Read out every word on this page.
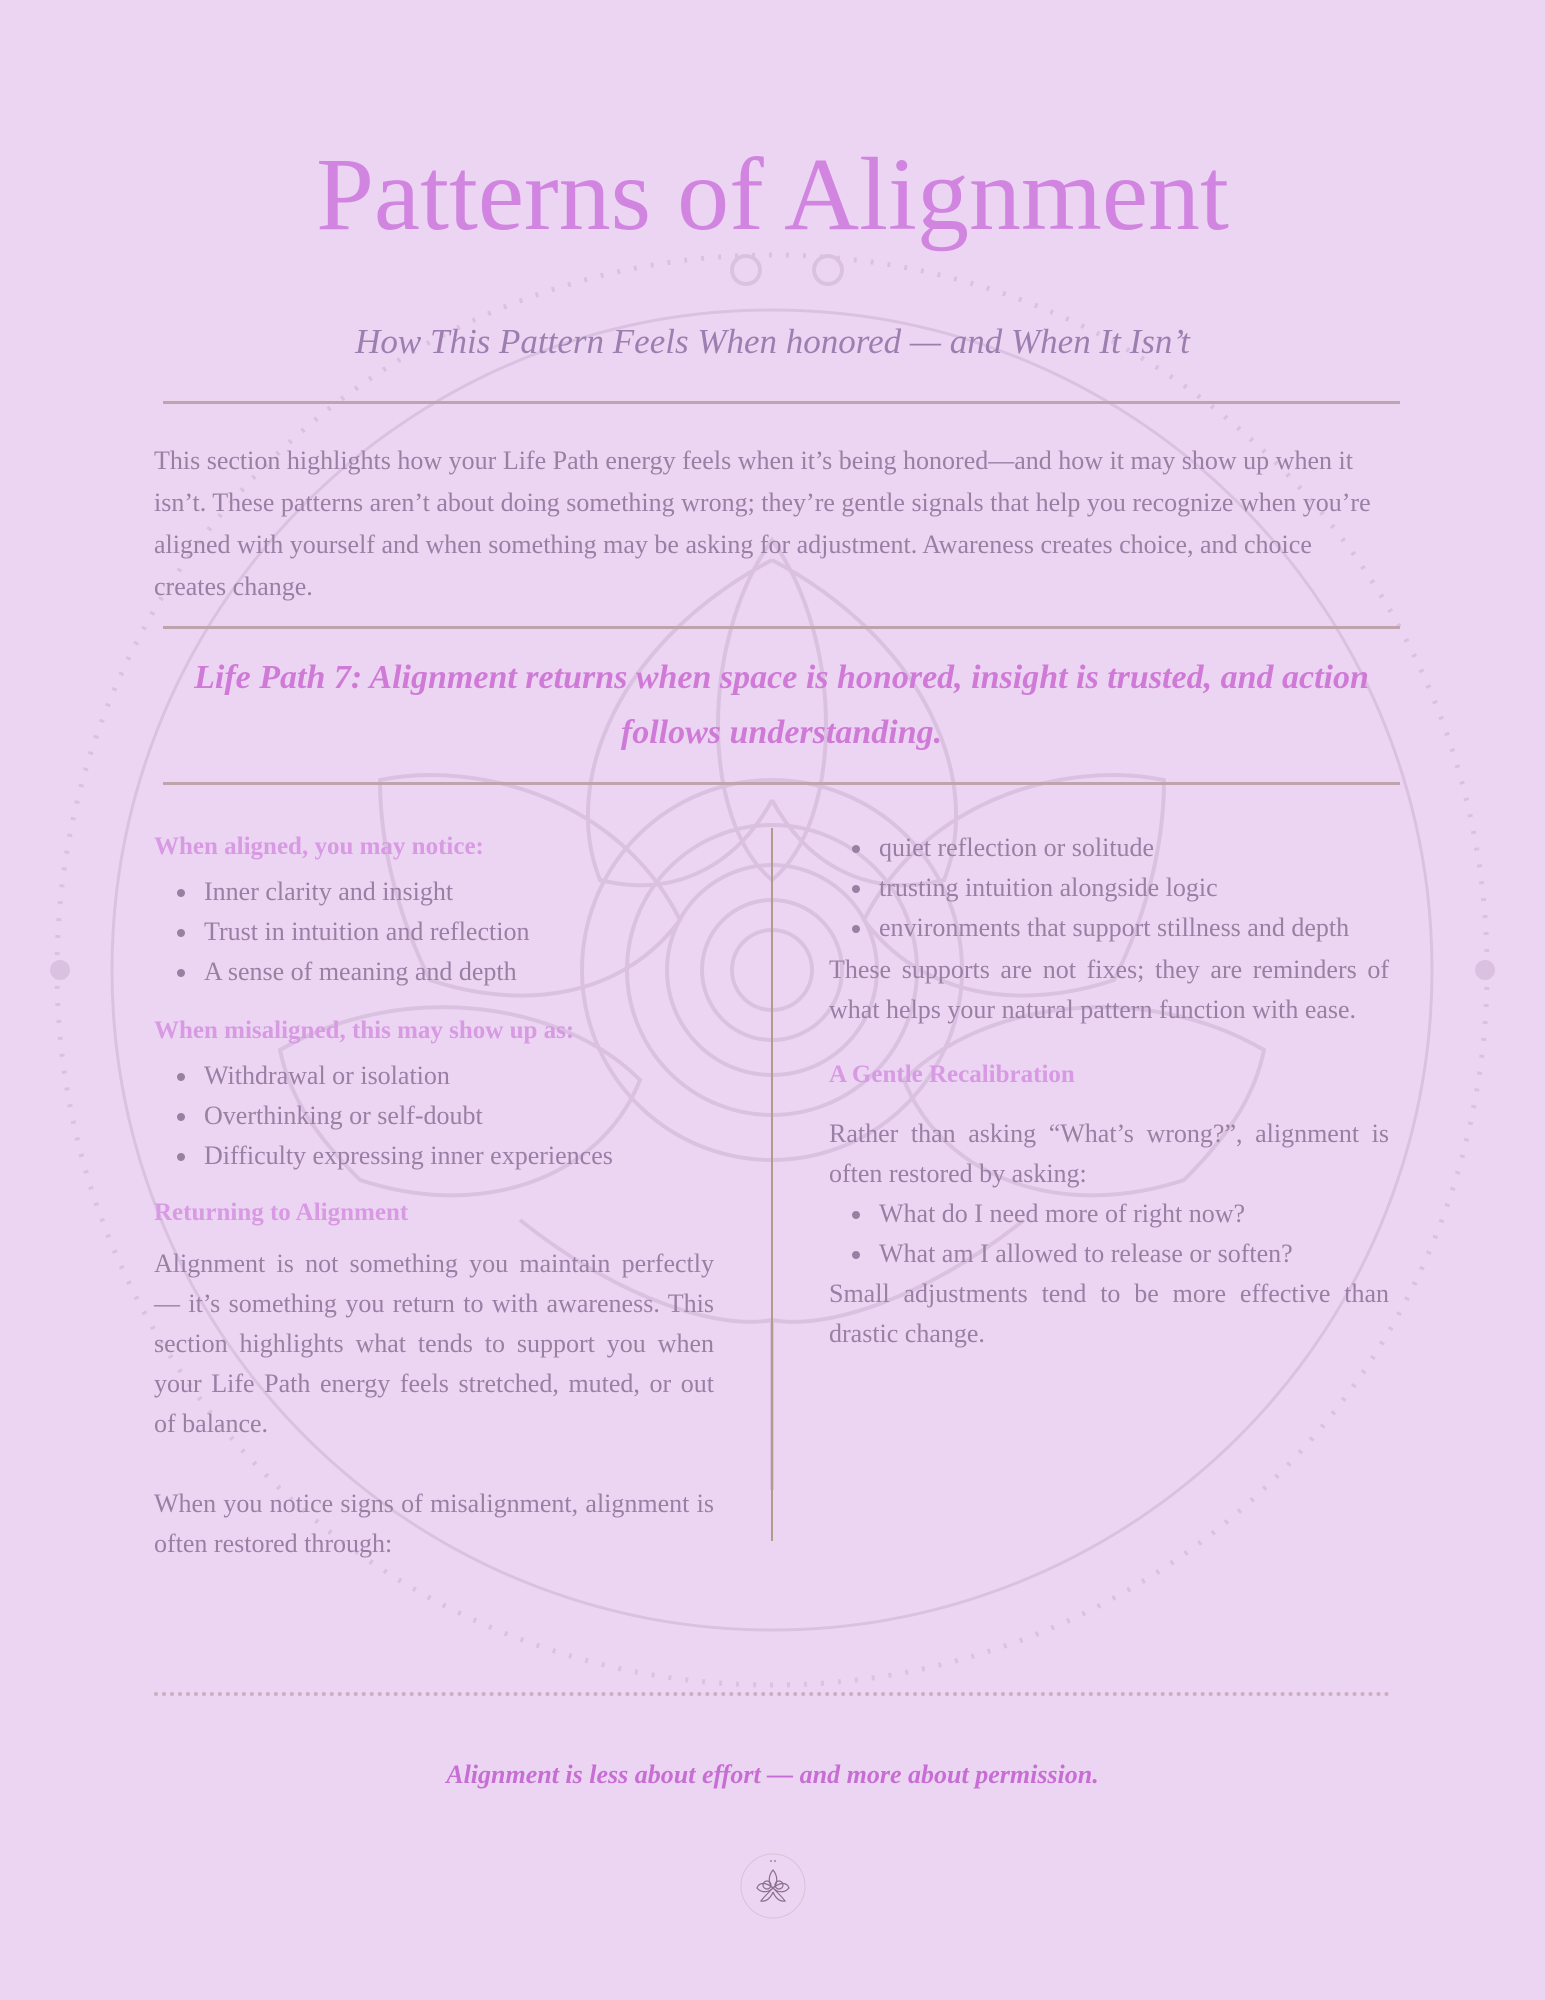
Patterns of Alignment
How This Pattern Feels When honored — and When It Isn’t

This section highlights how your Life Path energy feels when it’s being honored—and how it may show up when it isn’t. These patterns aren’t about doing something wrong; they’re gentle signals that help you recognize when you’re aligned with yourself and when something may be asking for adjustment. Awareness creates choice, and choice creates change.

Life Path 7: Alignment returns when space is honored, insight is trusted, and action follows understanding.

When aligned, you may notice:
Inner clarity and insight
Trust in intuition and reflection
A sense of meaning and depth
When misaligned, this may show up as:
Withdrawal or isolation
Overthinking or self-doubt
Difficulty expressing inner experiences
Returning to Alignment

Alignment is not something you maintain perfectly — it’s something you return to with awareness. This section highlights what tends to support you when your Life Path energy feels stretched, muted, or out of balance.

When you notice signs of misalignment, alignment is often restored through:

quiet reflection or solitude
trusting intuition alongside logic
environments that support stillness and depth

These supports are not fixes; they are reminders of what helps your natural pattern function with ease.

A Gentle Recalibration

Rather than asking “What’s wrong?”, alignment is often restored by asking:

What do I need more of right now?
What am I allowed to release or soften?

Small adjustments tend to be more effective than drastic change.

Alignment is less about effort — and more about permission.
